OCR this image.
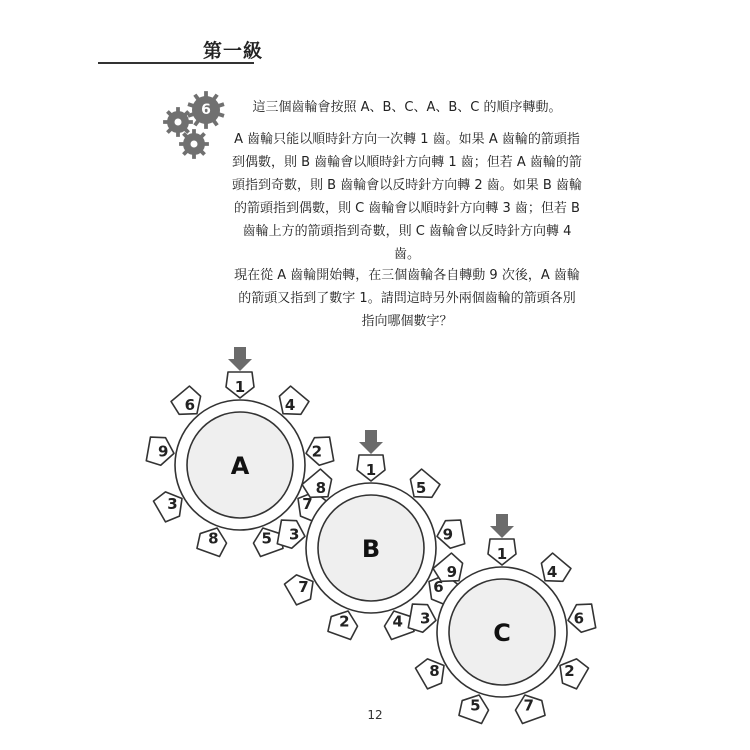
第一級
6	這三個齒輪會按照 A、B、C、A、B、C 的順序轉動。

A 齒輪只能以順時針方向一次轉 1 齒。如果 A 齒輪的箭頭指到偶數，則 B 齒輪會以順時針方向轉 1 齒；但若 A 齒輪的箭頭指到奇數，則 B 齒輪會以反時針方向轉 2 齒。如果 B 齒輪的箭頭指到偶數，則 C 齒輪會以順時針方向轉 3 齒；但若 B 齒輪上方的箭頭指到奇數，則 C 齒輪會以反時針方向轉 4 齒。

現在從 A 齒輪開始轉，在三個齒輪各自轉動 9 次後，A 齒輪的箭頭又指到了數字 1。請問這時另外兩個齒輪的箭頭各別指向哪個數字？

1
4
2
7
5
8
3
9
6
A	1
5
9
6
4
2
7
3
8
B	1
4
6
2
7
5
8
3
9
C
12
